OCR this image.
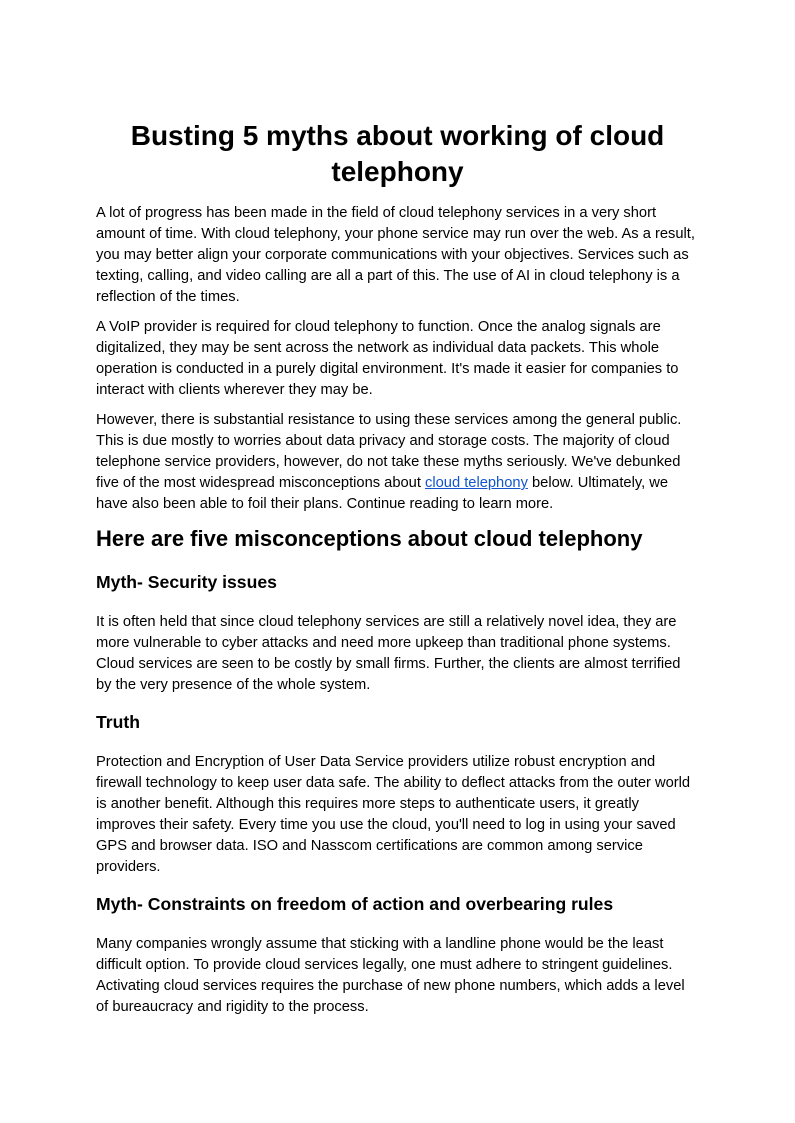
Busting 5 myths about working of cloud telephony

A lot of progress has been made in the field of cloud telephony services in a very short amount of time. With cloud telephony, your phone service may run over the web. As a result, you may better align your corporate communications with your objectives. Services such as texting, calling, and video calling are all a part of this. The use of AI in cloud telephony is a reflection of the times.

A VoIP provider is required for cloud telephony to function. Once the analog signals are digitalized, they may be sent across the network as individual data packets. This whole operation is conducted in a purely digital environment. It's made it easier for companies to interact with clients wherever they may be.

However, there is substantial resistance to using these services among the general public. This is due mostly to worries about data privacy and storage costs. The majority of cloud telephone service providers, however, do not take these myths seriously. We've debunked five of the most widespread misconceptions about cloud telephony below. Ultimately, we have also been able to foil their plans. Continue reading to learn more.

Here are five misconceptions about cloud telephony
Myth- Security issues

It is often held that since cloud telephony services are still a relatively novel idea, they are more vulnerable to cyber attacks and need more upkeep than traditional phone systems. Cloud services are seen to be costly by small firms. Further, the clients are almost terrified by the very presence of the whole system.

Truth

Protection and Encryption of User Data Service providers utilize robust encryption and firewall technology to keep user data safe. The ability to deflect attacks from the outer world is another benefit. Although this requires more steps to authenticate users, it greatly improves their safety. Every time you use the cloud, you'll need to log in using your saved GPS and browser data. ISO and Nasscom certifications are common among service providers.

Myth- Constraints on freedom of action and overbearing rules

Many companies wrongly assume that sticking with a landline phone would be the least difficult option. To provide cloud services legally, one must adhere to stringent guidelines. Activating cloud services requires the purchase of new phone numbers, which adds a level of bureaucracy and rigidity to the process.
